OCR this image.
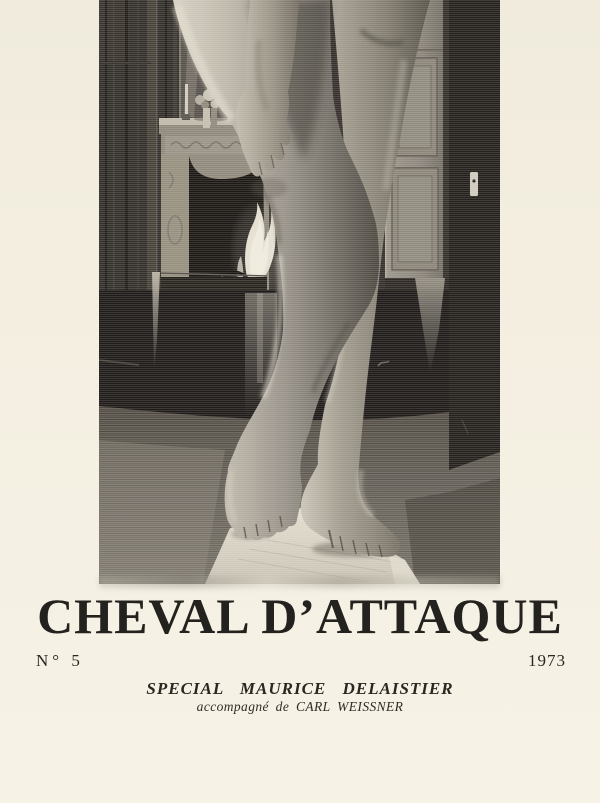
CHEVAL D’ATTAQUE
N° 5	1973
SPECIAL MAURICE DELAISTIER
accompagné de CARL WEISSNER
